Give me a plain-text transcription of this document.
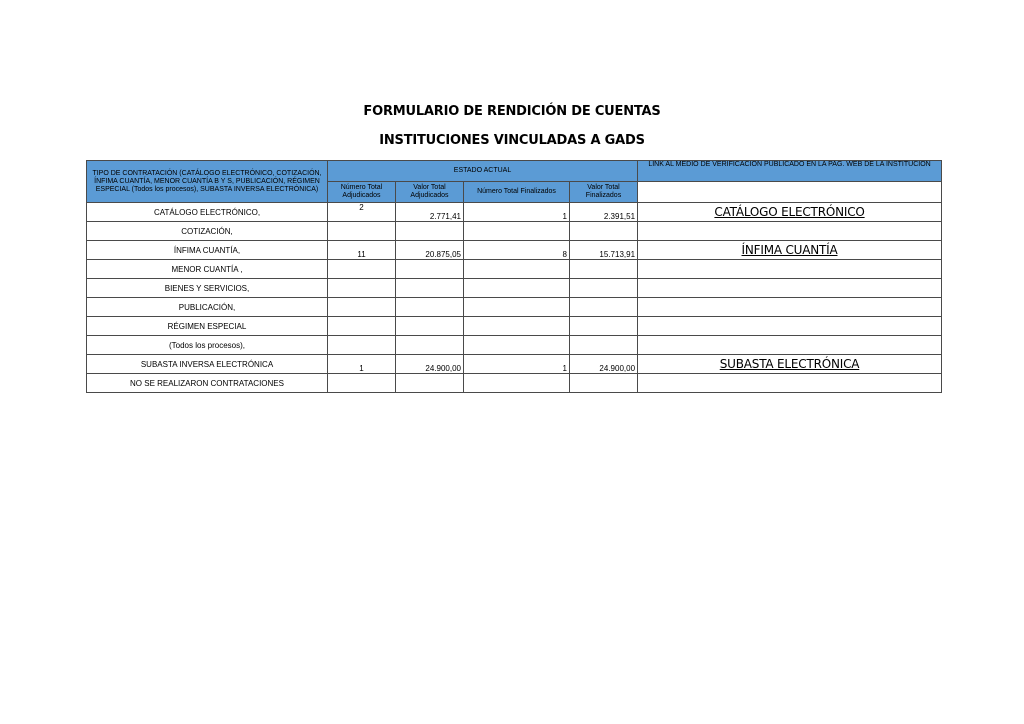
FORMULARIO DE RENDICIÓN DE CUENTAS
INSTITUCIONES VINCULADAS A GADS
TIPO DE CONTRATACIÓN (CATÁLOGO ELECTRÓNICO, COTIZACIÓN, ÍNFIMA CUANTÍA, MENOR CUANTÍA B Y S, PUBLICACIÓN, RÉGIMEN ESPECIAL (Todos los procesos), SUBASTA INVERSA ELECTRÓNICA)	ESTADO ACTUAL				LINK AL MEDIO DE VERIFICACIÓN PUBLICADO EN LA PAG. WEB DE LA INSTITUCIÓN
	Número Total Adjudicados	Valor Total Adjudicados	Número Total Finalizados	Valor Total Finalizados	
CATÁLOGO ELECTRÓNICO,	2	2.771,41	1	2.391,51	CATÁLOGO ELECTRÓNICO
COTIZACIÓN,					
ÍNFIMA CUANTÍA,	11	20.875,05	8	15.713,91	ÍNFIMA CUANTÍA
MENOR CUANTÍA ,					
BIENES Y SERVICIOS,					
PUBLICACIÓN,					
RÉGIMEN ESPECIAL					
(Todos los procesos),					
SUBASTA INVERSA ELECTRÓNICA	1	24.900,00	1	24.900,00	SUBASTA ELECTRÓNICA
NO SE REALIZARON CONTRATACIONES					
